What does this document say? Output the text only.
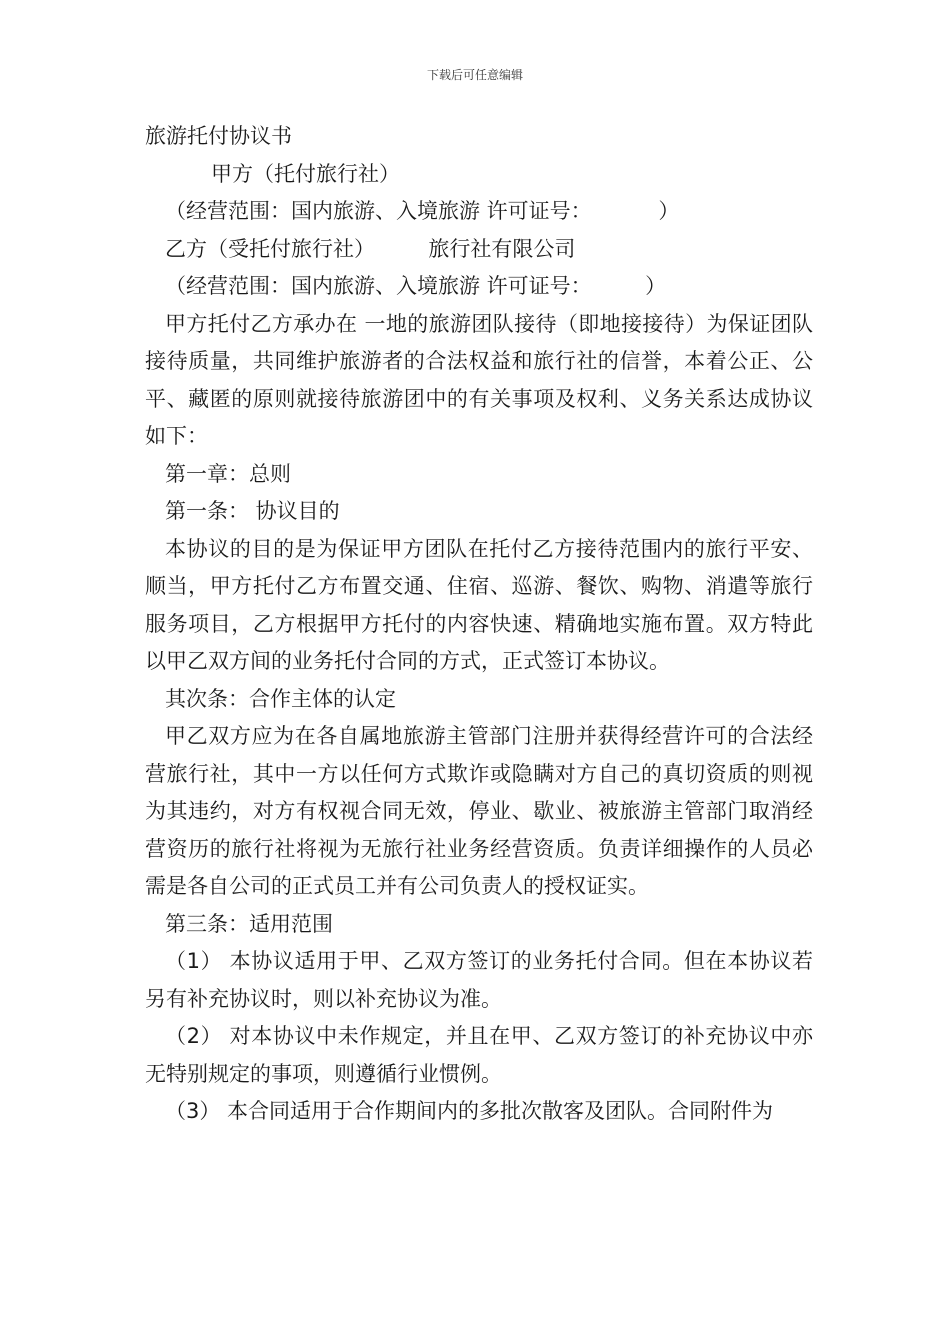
下载后可任意编辑
旅游托付协议书
甲方（托付旅行社）
（经营范围：国内旅游、入境旅游 许可证号：          ）
乙方（受托付旅行社）        旅行社有限公司
（经营范围：国内旅游、入境旅游 许可证号：        ）
甲方托付乙方承办在 一地的旅游团队接待（即地接接待）为保证团队接待质量，共同维护旅游者的合法权益和旅行社的信誉，本着公正、公平、藏匿的原则就接待旅游团中的有关事项及权利、义务关系达成协议如下：
第一章：总则
第一条： 协议目的
本协议的目的是为保证甲方团队在托付乙方接待范围内的旅行平安、顺当，甲方托付乙方布置交通、住宿、巡游、餐饮、购物、消遣等旅行服务项目，乙方根据甲方托付的内容快速、精确地实施布置。双方特此以甲乙双方间的业务托付合同的方式，正式签订本协议。
其次条：合作主体的认定
甲乙双方应为在各自属地旅游主管部门注册并获得经营许可的合法经营旅行社，其中一方以任何方式欺诈或隐瞒对方自己的真切资质的则视为其违约，对方有权视合同无效，停业、歇业、被旅游主管部门取消经营资历的旅行社将视为无旅行社业务经营资质。负责详细操作的人员必需是各自公司的正式员工并有公司负责人的授权证实。
第三条：适用范围
（1） 本协议适用于甲、乙双方签订的业务托付合同。但在本协议若另有补充协议时，则以补充协议为准。
（2） 对本协议中未作规定，并且在甲、乙双方签订的补充协议中亦无特别规定的事项，则遵循行业惯例。
（3） 本合同适用于合作期间内的多批次散客及团队。合同附件为
